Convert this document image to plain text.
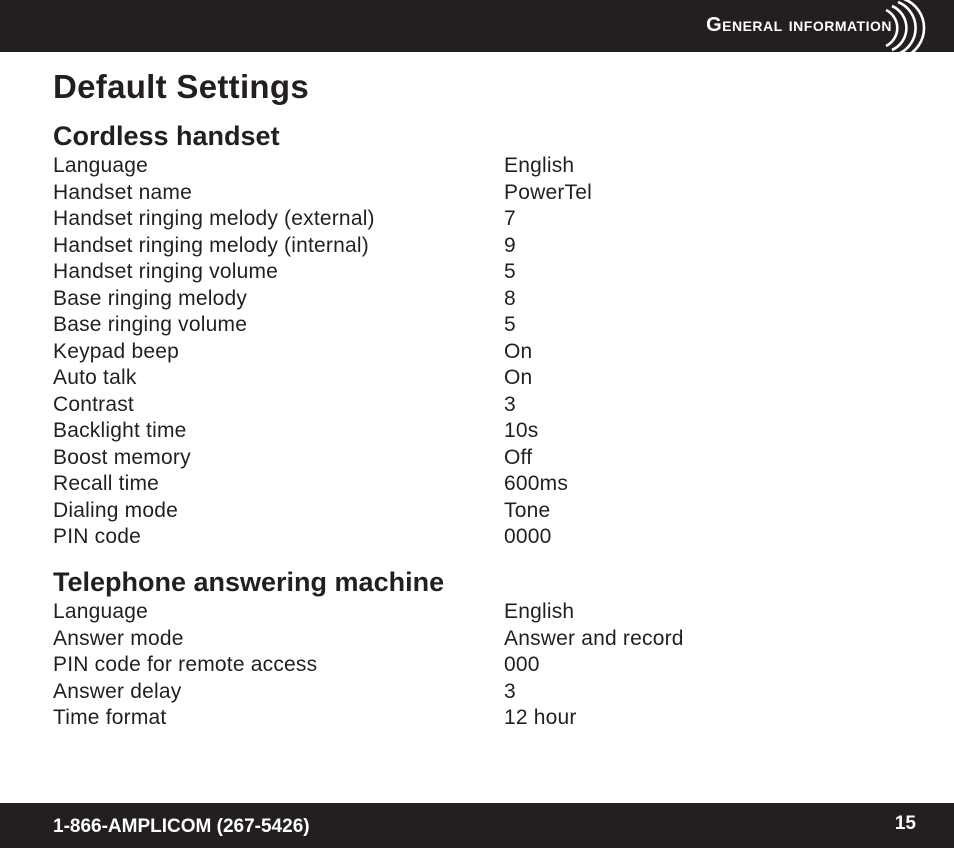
General information
Default Settings
Cordless handset
Language	English
Handset name	PowerTel
Handset ringing melody (external)	7
Handset ringing melody (internal)	9
Handset ringing volume	5
Base ringing melody	8
Base ringing volume	5
Keypad beep	On
Auto talk	On
Contrast	3
Backlight time	10s
Boost memory	Off
Recall time	600ms
Dialing mode	Tone
PIN code	0000
Telephone answering machine
Language	English
Answer mode	Answer and record
PIN code for remote access	000
Answer delay	3
Time format	12 hour
1-866-AMPLICOM (267-5426)	15
